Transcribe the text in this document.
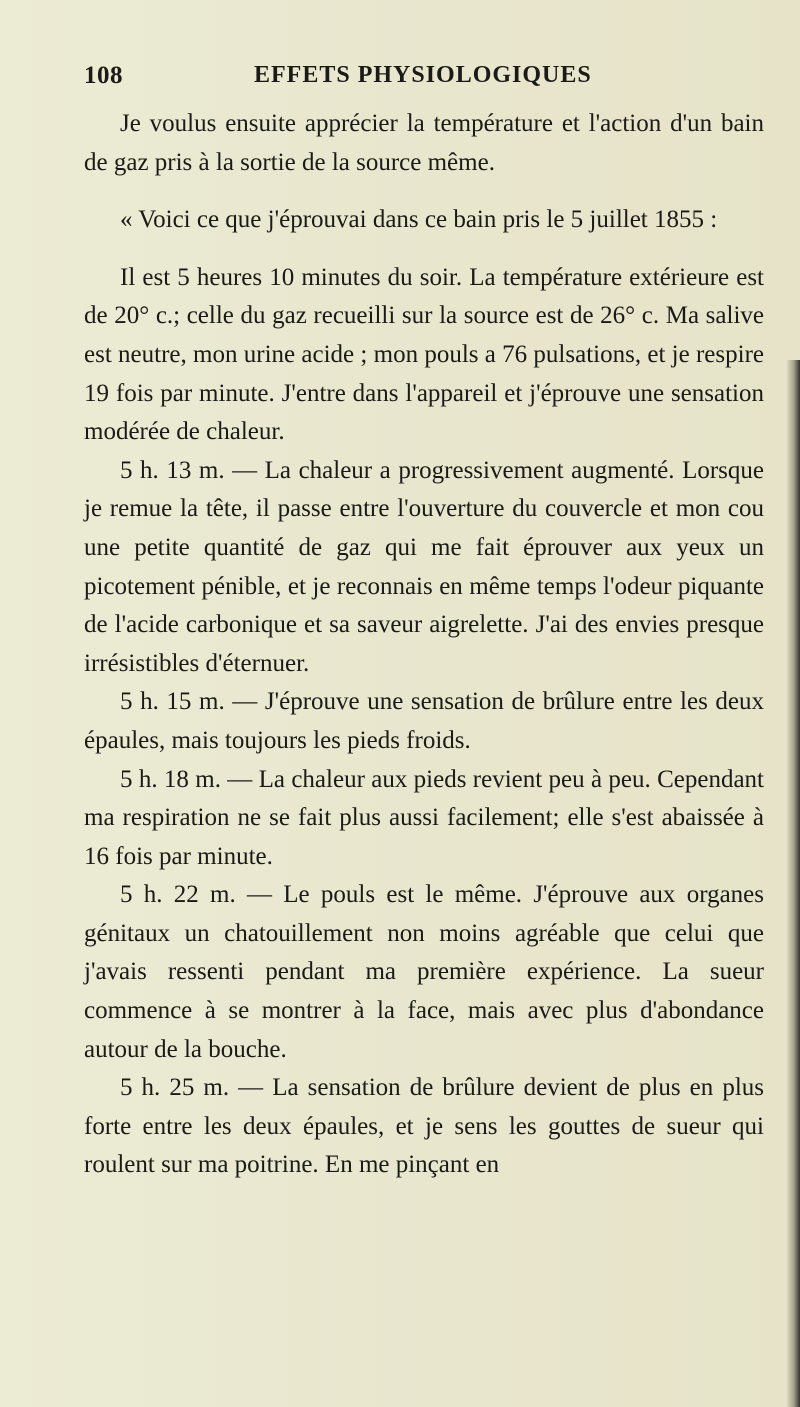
108	EFFETS PHYSIOLOGIQUES

Je voulus ensuite apprécier la température et l'action d'un bain de gaz pris à la sortie de la source même.

« Voici ce que j'éprouvai dans ce bain pris le 5 juillet 1855 :

Il est 5 heures 10 minutes du soir. La température extérieure est de 20° c.; celle du gaz recueilli sur la source est de 26° c. Ma salive est neutre, mon urine acide ; mon pouls a 76 pulsations, et je respire 19 fois par minute. J'entre dans l'appareil et j'éprouve une sensation modérée de chaleur.

5 h. 13 m. — La chaleur a progressivement augmenté. Lorsque je remue la tête, il passe entre l'ouverture du couvercle et mon cou une petite quantité de gaz qui me fait éprouver aux yeux un picotement pénible, et je reconnais en même temps l'odeur piquante de l'acide carbonique et sa saveur aigrelette. J'ai des envies presque irrésistibles d'éternuer.

5 h. 15 m. — J'éprouve une sensation de brûlure entre les deux épaules, mais toujours les pieds froids.

5 h. 18 m. — La chaleur aux pieds revient peu à peu. Cependant ma respiration ne se fait plus aussi facilement; elle s'est abaissée à 16 fois par minute.

5 h. 22 m. — Le pouls est le même. J'éprouve aux organes génitaux un chatouillement non moins agréable que celui que j'avais ressenti pendant ma première expérience. La sueur commence à se montrer à la face, mais avec plus d'abondance autour de la bouche.

5 h. 25 m. — La sensation de brûlure devient de plus en plus forte entre les deux épaules, et je sens les gouttes de sueur qui roulent sur ma poitrine. En me pinçant en
